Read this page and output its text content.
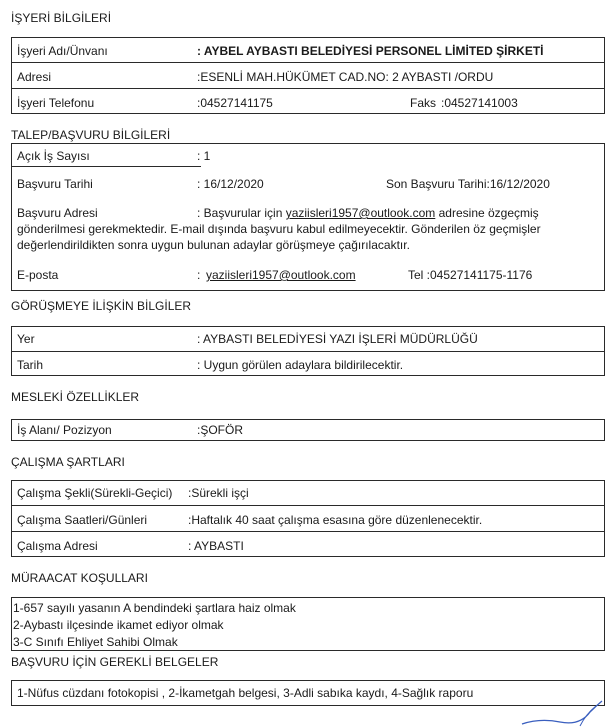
İŞYERİ BİLGİLERİ
İşyeri Adı/Ünvanı	: AYBEL AYBASTI BELEDİYESİ PERSONEL LİMİTED ŞİRKETİ
Adresi	:ESENLİ MAH.HÜKÜMET CAD.NO: 2 AYBASTI /ORDU
İşyeri Telefonu	:04527141175	Faks :04527141003
TALEP/BAŞVURU BİLGİLERİ
Açık İş Sayısı	: 1
Başvuru Tarihi	: 16/12/2020	Son Başvuru Tarihi:16/12/2020
Başvuru Adresi	: Başvurular için yaziisleri1957@outlook.com adresine özgeçmiş
gönderilmesi gerekmektedir. E-mail dışında başvuru kabul edilmeyecektir. Gönderilen öz geçmişler
değerlendirildikten sonra uygun bulunan adaylar görüşmeye çağırılacaktır.
E-posta	: yaziisleri1957@outlook.com	Tel :04527141175-1176
GÖRÜŞMEYE İLİŞKİN BİLGİLER
Yer	: AYBASTI BELEDİYESİ YAZI İŞLERİ MÜDÜRLÜĞÜ
Tarih	: Uygun görülen adaylara bildirilecektir.
MESLEKİ ÖZELLİKLER
İş Alanı/ Pozizyon	:ŞOFÖR
ÇALIŞMA ŞARTLARI
Çalışma Şekli(Sürekli-Geçici) :Sürekli işçi
Çalışma Saatleri/Günleri	:Haftalık 40 saat çalışma esasına göre düzenlenecektir.
Çalışma Adresi	: AYBASTI
MÜRAACAT KOŞULLARI
1-657 sayılı yasanın A bendindeki şartlara haiz olmak
2-Aybastı ilçesinde ikamet ediyor olmak
3-C Sınıfı Ehliyet Sahibi Olmak
BAŞVURU İÇİN GEREKLİ BELGELER
1-Nüfus cüzdanı fotokopisi , 2-İkametgah belgesi, 3-Adli sabıka kaydı, 4-Sağlık raporu
